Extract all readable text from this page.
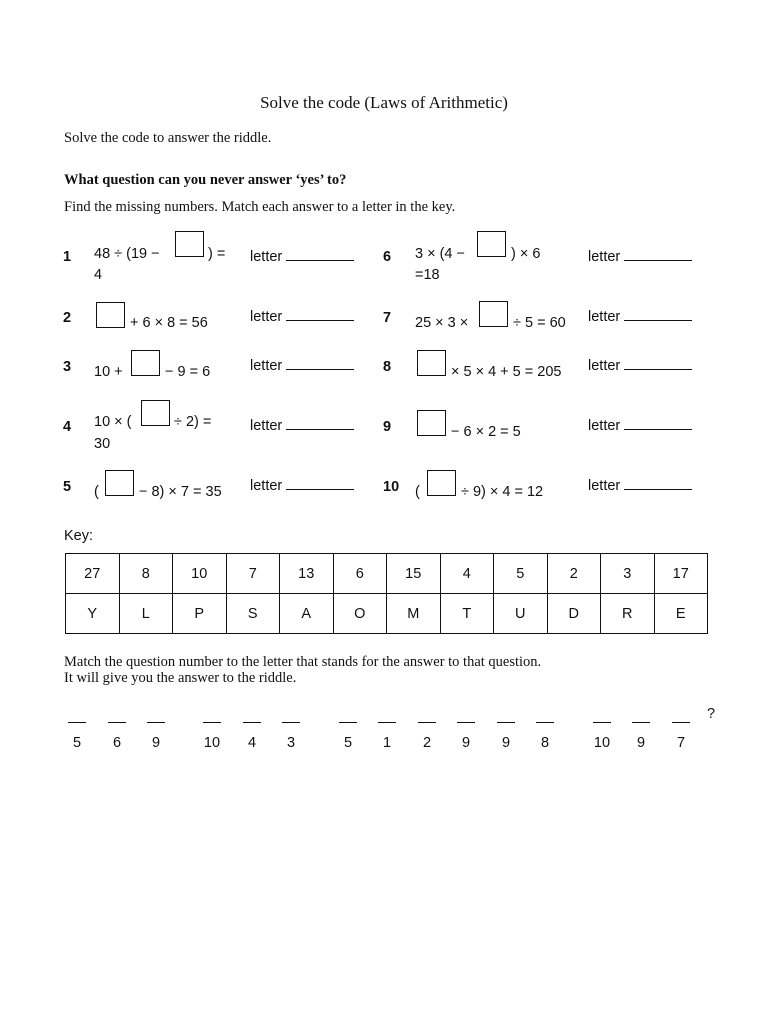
Solve the code (Laws of Arithmetic)
Solve the code to answer the riddle.
What question can you never answer ‘yes’ to?
Find the missing numbers. Match each answer to a letter in the key.
1 48 ÷ (19 −	) =
4
letter
2	+ 6 × 8 = 56	letter
3 10 +	− 9 = 6	letter
4 10 × (	÷ 2) =
30
letter
5 (	− 8) × 7 = 35 letter
6 3 × (4 −	) × 6
=18
letter
7 25 × 3 ×	÷ 5 = 60 letter
8	× 5 × 4 + 5 = 205 letter
9	− 6 × 2 = 5	letter
10 (	÷ 9) × 4 = 12	letter
Key:
27	8	10	7	13	6	15	4	5	2	3	17
Y	L	P	S	A	O	M	T	U	D	R	E
Match the question number to the letter that stands for the answer to that question.
It will give you the answer to the riddle.
?
5	6	9	10	4	3	5	1	2	9	9	8	10	9	7
